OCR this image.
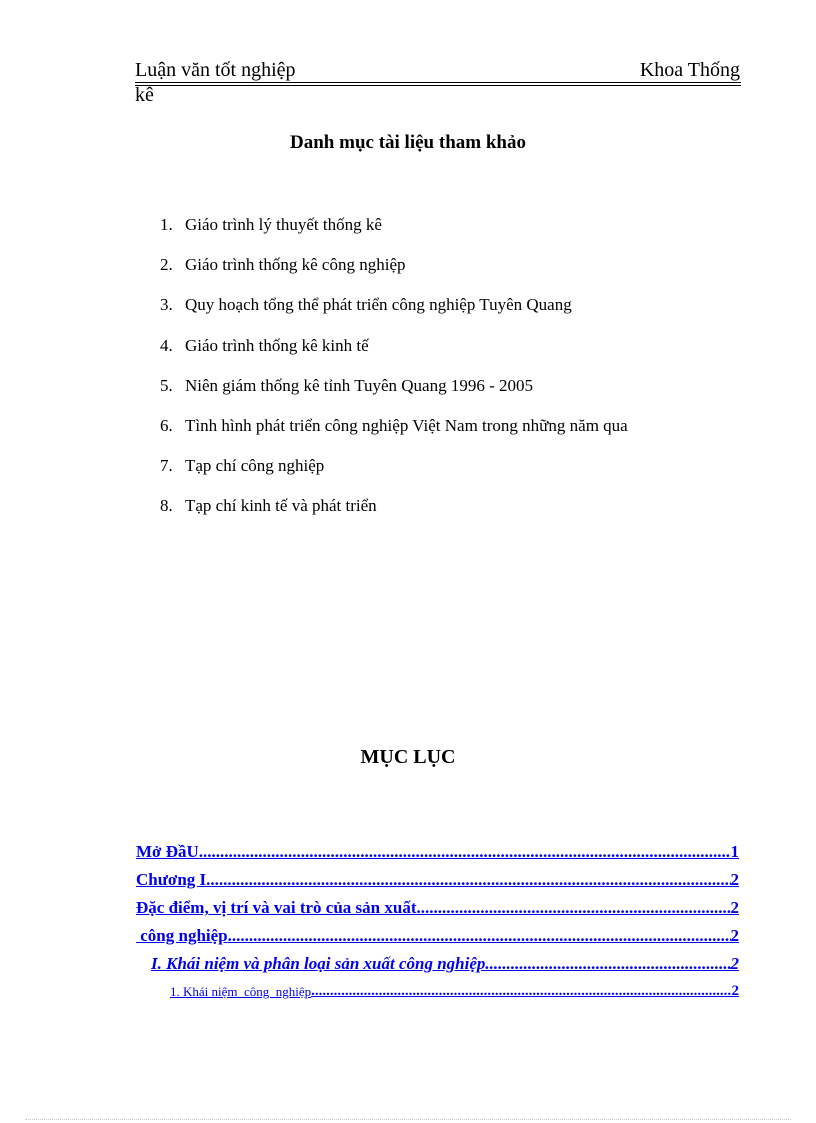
Luận văn tốt nghiệp	Khoa Thống
kê
Danh mục tài liệu tham khảo
1. Giáo trình lý thuyết thống kê
2. Giáo trình thống kê công nghiệp
3. Quy hoạch tổng thể phát triển công nghiệp Tuyên Quang
4. Giáo trình thống kê kinh tế
5. Niên giám thống kê tỉnh Tuyên Quang 1996 - 2005
6. Tình hình phát triển công nghiệp Việt Nam trong những năm qua
7. Tạp chí công nghiệp
8. Tạp chí kinh tế và phát triển
MỤC LỤC
Mở ĐầU .....	1
Chương I .....	2
Đặc điểm, vị trí và vai trò của sản xuất .....	2
công nghiệp .....	2
I. Khái niệm và phân loại sản xuất công nghiệp .....	2
1. Khái niệm  công  nghiệp .....	2
